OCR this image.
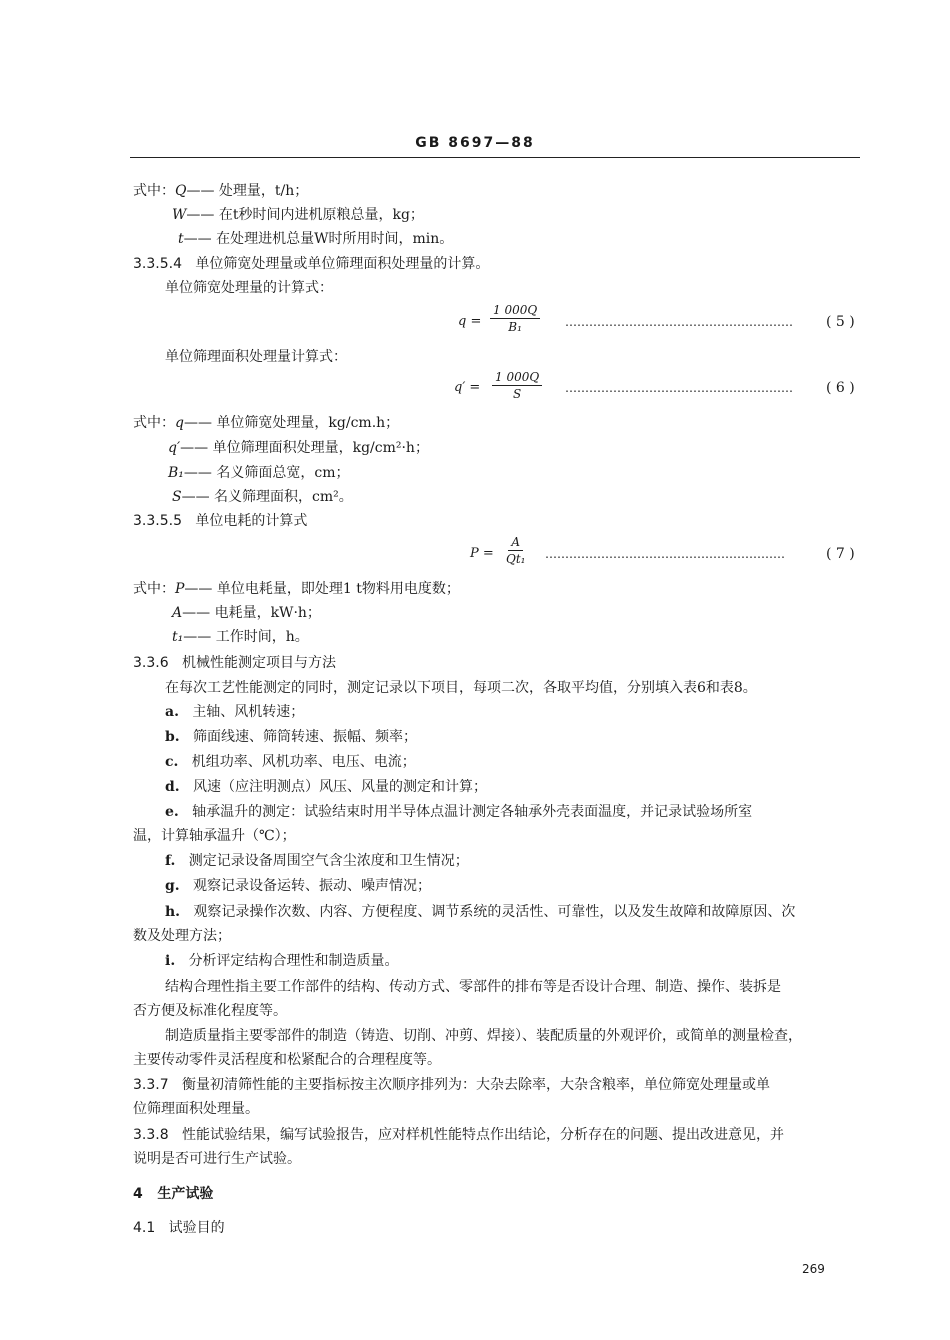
GB 8697—88
式中：Q—— 处理量，t/h；
W—— 在t秒时间内进机原粮总量，kg；
t—— 在处理进机总量W时所用时间，min。
3.3.5.4 单位筛宽处理量或单位筛理面积处理量的计算。
单位筛宽处理量的计算式：
$q = \frac{1 000Q}{\text{B₁}}$ ………………………………………………… ( 5 )
单位筛理面积处理量计算式：
$q' = \frac{1 000Q}{S}$ ………………………………………………… ( 6 )
式中：q—— 单位筛宽处理量，kg/cm.h；
q′—— 单位筛理面积处理量，kg/cm²·h；
B₁—— 名义筛面总宽，cm；
S—— 名义筛理面积，cm²。
3.3.5.5 单位电耗的计算式
$P = \frac{A}{\text{Qt₁}}$ ……………………………………………………	( 7 )
式中：P—— 单位电耗量，即处理1 t物料用电度数；
A—— 电耗量，kW·h；
t₁—— 工作时间，h。
3.3.6 机械性能测定项目与方法
在每次工艺性能测定的同时，测定记录以下项目，每项二次，各取平均值，分别填入表6和表8。
a. 主轴、风机转速；
b. 筛面线速、筛筒转速、振幅、频率；
c. 机组功率、风机功率、电压、电流；
d. 风速（应注明测点）风压、风量的测定和计算；
e. 轴承温升的测定：试验结束时用半导体点温计测定各轴承外壳表面温度，并记录试验场所室
温，计算轴承温升（℃）；
f. 测定记录设备周围空气含尘浓度和卫生情况；
g. 观察记录设备运转、振动、噪声情况；
h. 观察记录操作次数、内容、方便程度、调节系统的灵活性、可靠性，以及发生故障和故障原因、次
数及处理方法；
i. 分析评定结构合理性和制造质量。
结构合理性指主要工作部件的结构、传动方式、零部件的排布等是否设计合理、制造、操作、装拆是
否方便及标准化程度等。
制造质量指主要零部件的制造（铸造、切削、冲剪、焊接）、装配质量的外观评价，或简单的测量检查，
主要传动零件灵活程度和松紧配合的合理程度等。
3.3.7 衡量初清筛性能的主要指标按主次顺序排列为：大杂去除率，大杂含粮率，单位筛宽处理量或单
位筛理面积处理量。
3.3.8 性能试验结果，编写试验报告，应对样机性能特点作出结论，分析存在的问题、提出改进意见，并
说明是否可进行生产试验。
4 生产试验
4.1 试验目的
269
